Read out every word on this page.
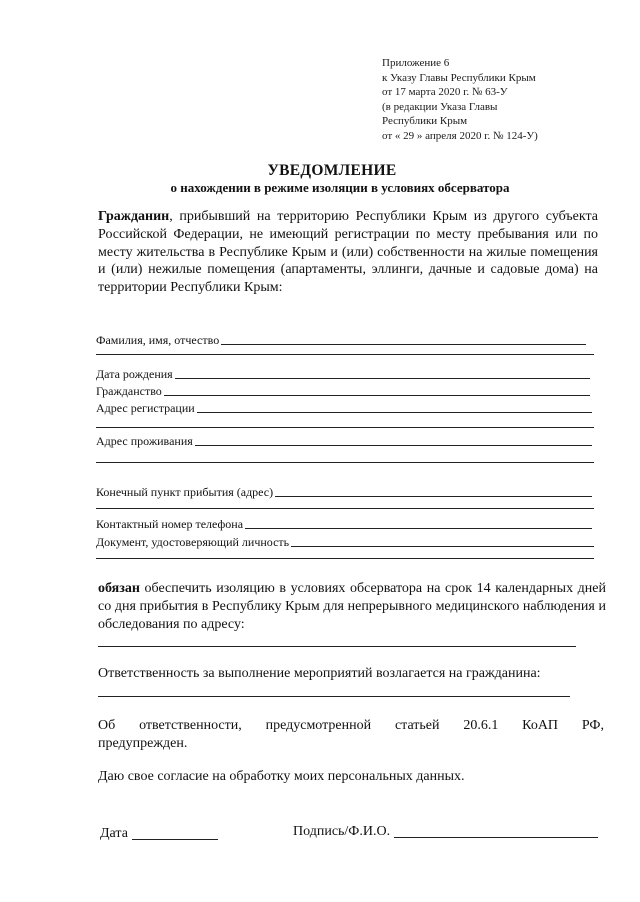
Приложение 6
к Указу Главы Республики Крым
от 17 марта 2020 г. № 63-У
(в редакции Указа Главы
Республики Крым
от « 29 » апреля 2020 г. № 124-У)
УВЕДОМЛЕНИЕ
о нахождении в режиме изоляции в условиях обсерватора
Гражданин, прибывший на территорию Республики Крым из другого субъекта Российской Федерации, не имеющий регистрации по месту пребывания или по месту жительства в Республике Крым и (или) собственности на жилые помещения и (или) нежилые помещения (апартаменты, эллинги, дачные и садовые дома) на территории Республики Крым:
Фамилия, имя, отчество
Дата рождения
Гражданство
Адрес регистрации
Адрес проживания
Конечный пункт прибытия (адрес)
Контактный номер телефона
Документ, удостоверяющий личность
обязан обеспечить изоляцию в условиях обсерватора на срок 14 календарных дней со дня прибытия в Республику Крым для непрерывного медицинского наблюдения и обследования по адресу:
Ответственность за выполнение мероприятий возлагается на гражданина:
Об ответственности, предусмотренной статьей 20.6.1 КоАП РФ,
предупрежден.
Даю свое согласие на обработку моих персональных данных.
Дата	Подпись/Ф.И.О.
